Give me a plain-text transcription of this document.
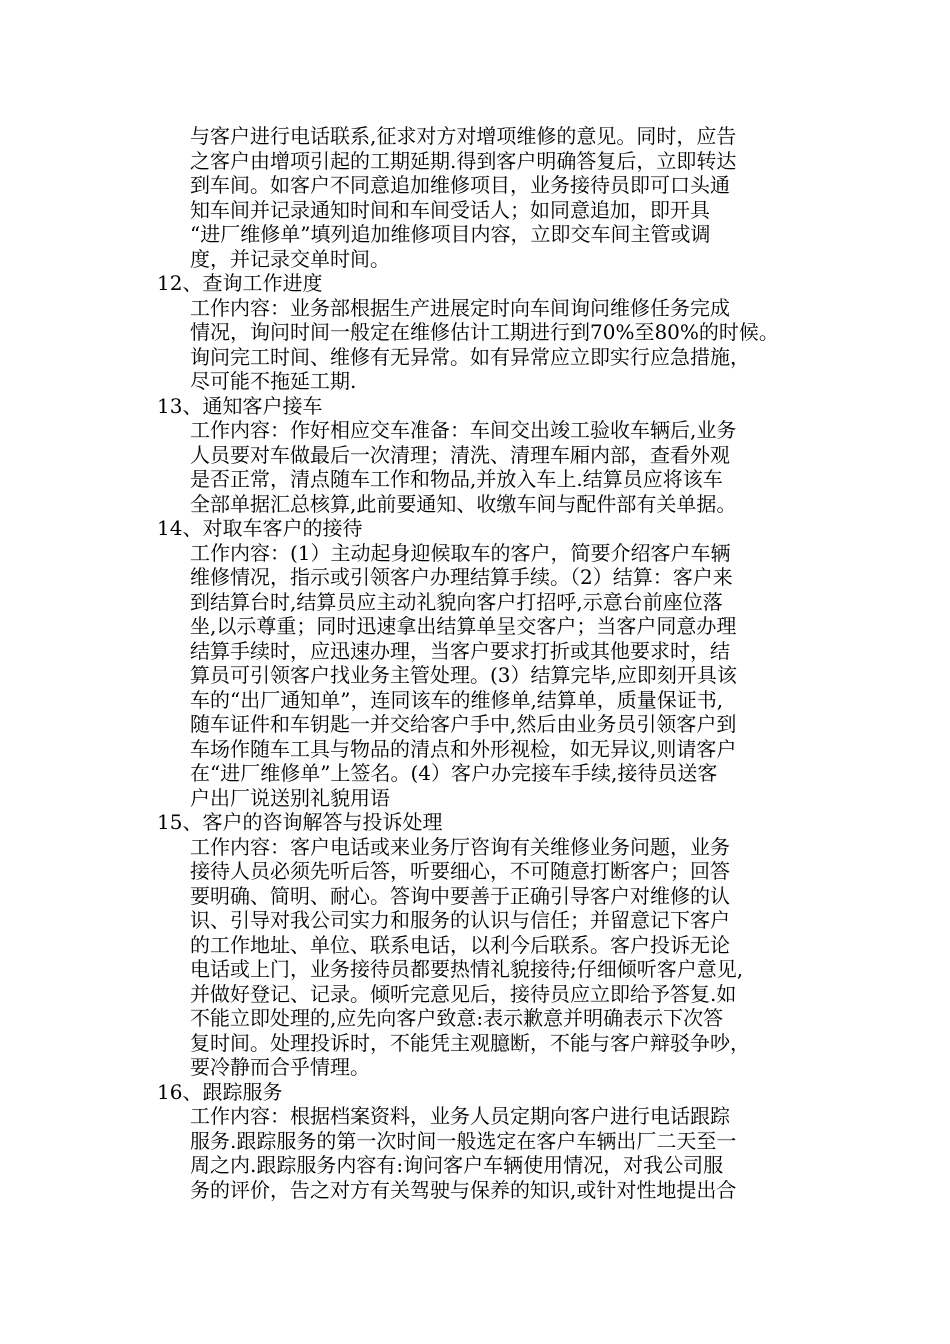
与客户进行电话联系,征求对方对增项维修的意见。同时，应告
之客户由增项引起的工期延期.得到客户明确答复后，立即转达
到车间。如客户不同意追加维修项目，业务接待员即可口头通
知车间并记录通知时间和车间受话人；如同意追加，即开具
“进厂维修单”填列追加维修项目内容，立即交车间主管或调
度，并记录交单时间。
12、查询工作进度
工作内容：业务部根据生产进展定时向车间询问维修任务完成
情况，询问时间一般定在维修估计工期进行到70%至80%的时候。
询问完工时间、维修有无异常。如有异常应立即实行应急措施，
尽可能不拖延工期.
13、通知客户接车
工作内容：作好相应交车准备：车间交出竣工验收车辆后,业务
人员要对车做最后一次清理；清洗、清理车厢内部，查看外观
是否正常，清点随车工作和物品,并放入车上.结算员应将该车
全部单据汇总核算,此前要通知、收缴车间与配件部有关单据。
14、对取车客户的接待
工作内容：(1）主动起身迎候取车的客户，简要介绍客户车辆
维修情况，指示或引领客户办理结算手续。（2）结算：客户来
到结算台时,结算员应主动礼貌向客户打招呼,示意台前座位落
坐,以示尊重；同时迅速拿出结算单呈交客户；当客户同意办理
结算手续时，应迅速办理，当客户要求打折或其他要求时，结
算员可引领客户找业务主管处理。(3）结算完毕,应即刻开具该
车的“出厂通知单”，连同该车的维修单,结算单，质量保证书,
随车证件和车钥匙一并交给客户手中,然后由业务员引领客户到
车场作随车工具与物品的清点和外形视检，如无异议,则请客户
在“进厂维修单”上签名。(4）客户办完接车手续,接待员送客
户出厂说送别礼貌用语
15、客户的咨询解答与投诉处理
工作内容：客户电话或来业务厅咨询有关维修业务问题，业务
接待人员必须先听后答，听要细心，不可随意打断客户；回答
要明确、简明、耐心。答询中要善于正确引导客户对维修的认
识、引导对我公司实力和服务的认识与信任；并留意记下客户
的工作地址、单位、联系电话，以利今后联系。客户投诉无论
电话或上门，业务接待员都要热情礼貌接待;仔细倾听客户意见,
并做好登记、记录。倾听完意见后，接待员应立即给予答复.如
不能立即处理的,应先向客户致意:表示歉意并明确表示下次答
复时间。处理投诉时，不能凭主观臆断，不能与客户辩驳争吵，
要冷静而合乎情理。
16、跟踪服务
工作内容：根据档案资料，业务人员定期向客户进行电话跟踪
服务.跟踪服务的第一次时间一般选定在客户车辆出厂二天至一
周之内.跟踪服务内容有:询问客户车辆使用情况，对我公司服
务的评价，告之对方有关驾驶与保养的知识,或针对性地提出合
